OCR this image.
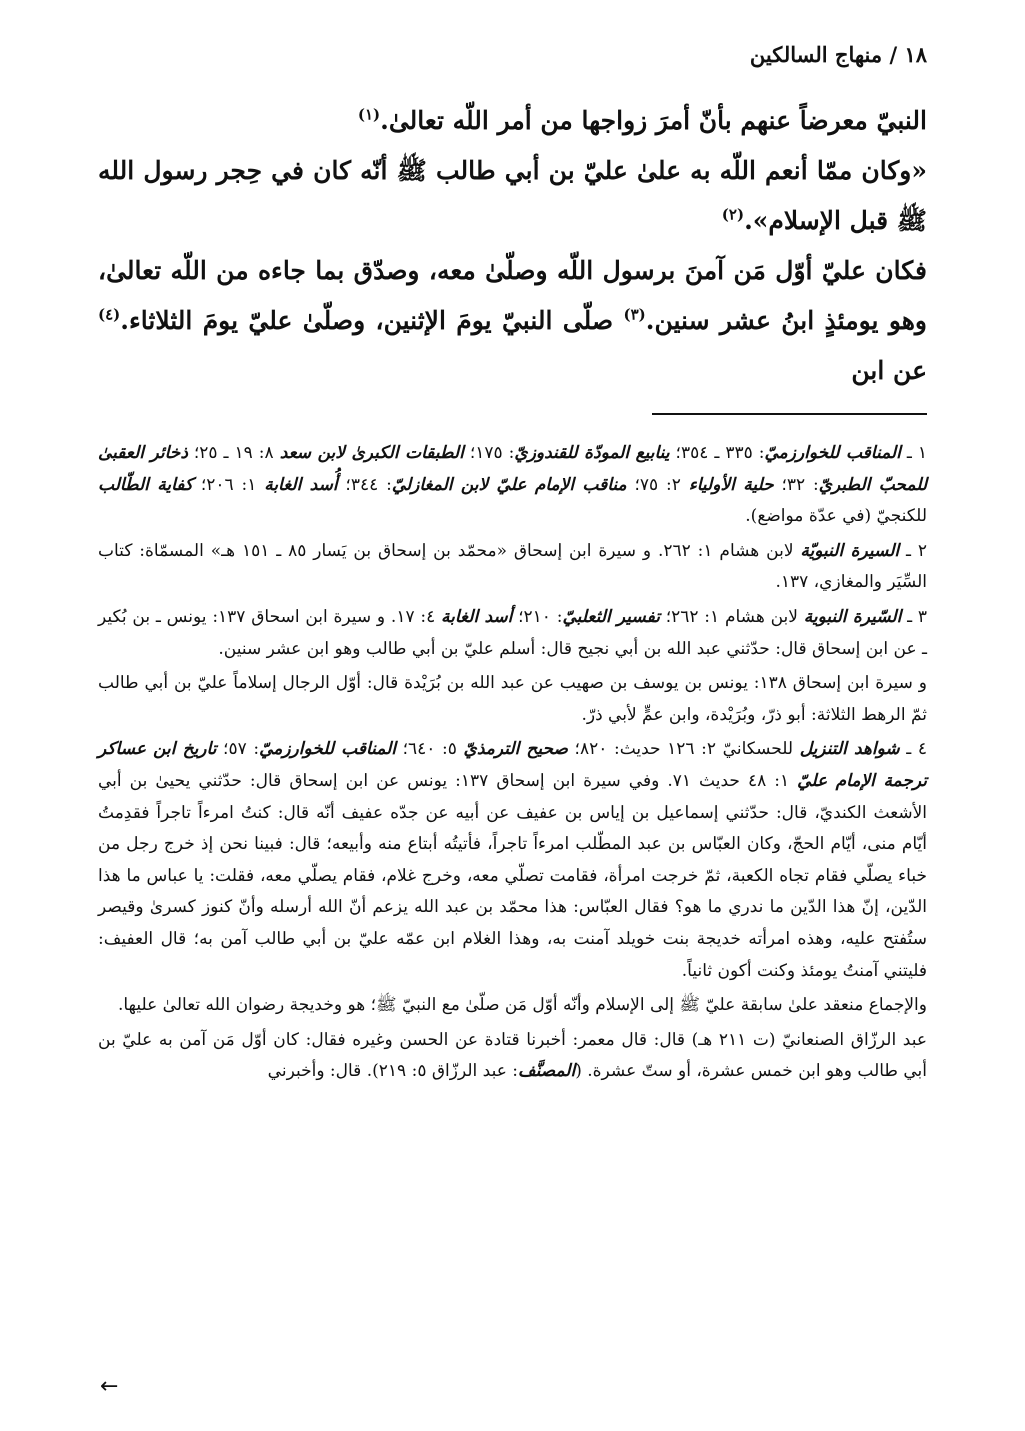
١٨ / منهاج السالكين

النبيّ معرضاً عنهم بأنّ أمرَ زواجها من أمر اللّه تعالىٰ.$^{(١)}$

«وكان ممّا أنعم اللّه به علىٰ عليّ بن أبي طالب ﷺ أنّه كان في حِجر رسول الله ﷺ قبل الإسلام».$^{(٢)}$

فكان عليّ أوّل مَن آمنَ برسول اللّه وصلّىٰ معه، وصدّق بما جاءه من اللّه تعالىٰ، وهو يومئذٍ ابنُ عشر سنين.$^{(٣)}$ صلّى النبيّ يومَ الإثنين، وصلّىٰ عليّ يومَ الثلاثاء.$^{(٤)}$ عن ابن

١ ـ المناقب للخوارزميّ: ٣٣٥ ـ ٣٥٤؛ ينابيع المودّة للقندوزيّ: ١٧٥؛ الطبقات الكبرىٰ لابن سعد ٨: ١٩ ـ ٢٥؛ ذخائر العقبىٰ للمحبّ الطبريّ: ٣٢؛ حلية الأولياء ٢: ٧٥؛ مناقب الإمام عليّ لابن المغازليّ: ٣٤٤؛ أُسد الغابة ١: ٢٠٦؛ كفاية الطّالب للكنجيّ (في عدّة مواضع).

٢ ـ السيرة النبويّة لابن هشام ١: ٢٦٢. و سيرة ابن إسحاق «محمّد بن إسحاق بن يَسار ٨٥ ـ ١٥١ هـ» المسمّاة: كتاب السِّيَر والمغازي، ١٣٧.

٣ ـ السّيرة النبوية لابن هشام ١: ٢٦٢؛ تفسير الثعلبيّ: ٢١٠؛ أسد الغابة ٤: ١٧. و سيرة ابن اسحاق ١٣٧: يونس ـ بن بُكير ـ عن ابن إسحاق قال: حدّثني عبد الله بن أبي نجيح قال: أسلم عليّ بن أبي طالب وهو ابن عشر سنين.

و سيرة ابن إسحاق ١٣٨: يونس بن يوسف بن صهيب عن عبد الله بن بُرَيْدة قال: أوّل الرجال إسلاماً عليّ بن أبي طالب ثمّ الرهط الثلاثة: أبو ذرّ، وبُرَيْدة، وابن عمٍّ لأبي ذرّ.

٤ ـ شواهد التنزيل للحسكانيّ ٢: ١٢٦ حديث: ٨٢٠؛ صحيح الترمذيّ ٥: ٦٤٠؛ المناقب للخوارزميّ: ٥٧؛ تاريخ ابن عساكر ترجمة الإمام عليّ ١: ٤٨ حديث ٧١. وفي سيرة ابن إسحاق ١٣٧: يونس عن ابن إسحاق قال: حدّثني يحيىٰ بن أبي الأشعث الكنديّ، قال: حدّثني إسماعيل بن إياس بن عفيف عن أبيه عن جدّه عفيف أنّه قال: كنتُ امرءاً تاجراً فقدِمتُ أيّام منى، أيّام الحجّ، وكان العبّاس بن عبد المطّلب امرءاً تاجراً، فأتيتُه أبتاع منه وأبيعه؛ قال: فبينا نحن إذ خرج رجل من خباء يصلّي فقام تجاه الكعبة، ثمّ خرجت امرأة، فقامت تصلّي معه، وخرج غلام، فقام يصلّي معه، فقلت: يا عباس ما هذا الدّين، إنّ هذا الدّين ما ندري ما هو؟ فقال العبّاس: هذا محمّد بن عبد الله يزعم أنّ الله أرسله وأنّ كنوز كسرىٰ وقيصر ستُفتح عليه، وهذه امرأته خديجة بنت خويلد آمنت به، وهذا الغلام ابن عمّه عليّ بن أبي طالب آمن به؛ قال العفيف: فليتني آمنتُ يومئذ وكنت أكون ثانياً.

والإجماع منعقد علىٰ سابقة عليّ ﷺ إلى الإسلام وأنّه أوّل مَن صلّىٰ مع النبيّ ﷺ؛ هو وخديجة رضوان الله تعالىٰ عليها.

عبد الرزّاق الصنعانيّ (ت ٢١١ هـ) قال: قال معمر: أخبرنا قتادة عن الحسن وغيره فقال: كان أوّل مَن آمن به عليّ بن أبي طالب وهو ابن خمس عشرة، أو ستّ عشرة. (المصنَّف: عبد الرزّاق ٥: ٢١٩). قال: وأخبرني

←
